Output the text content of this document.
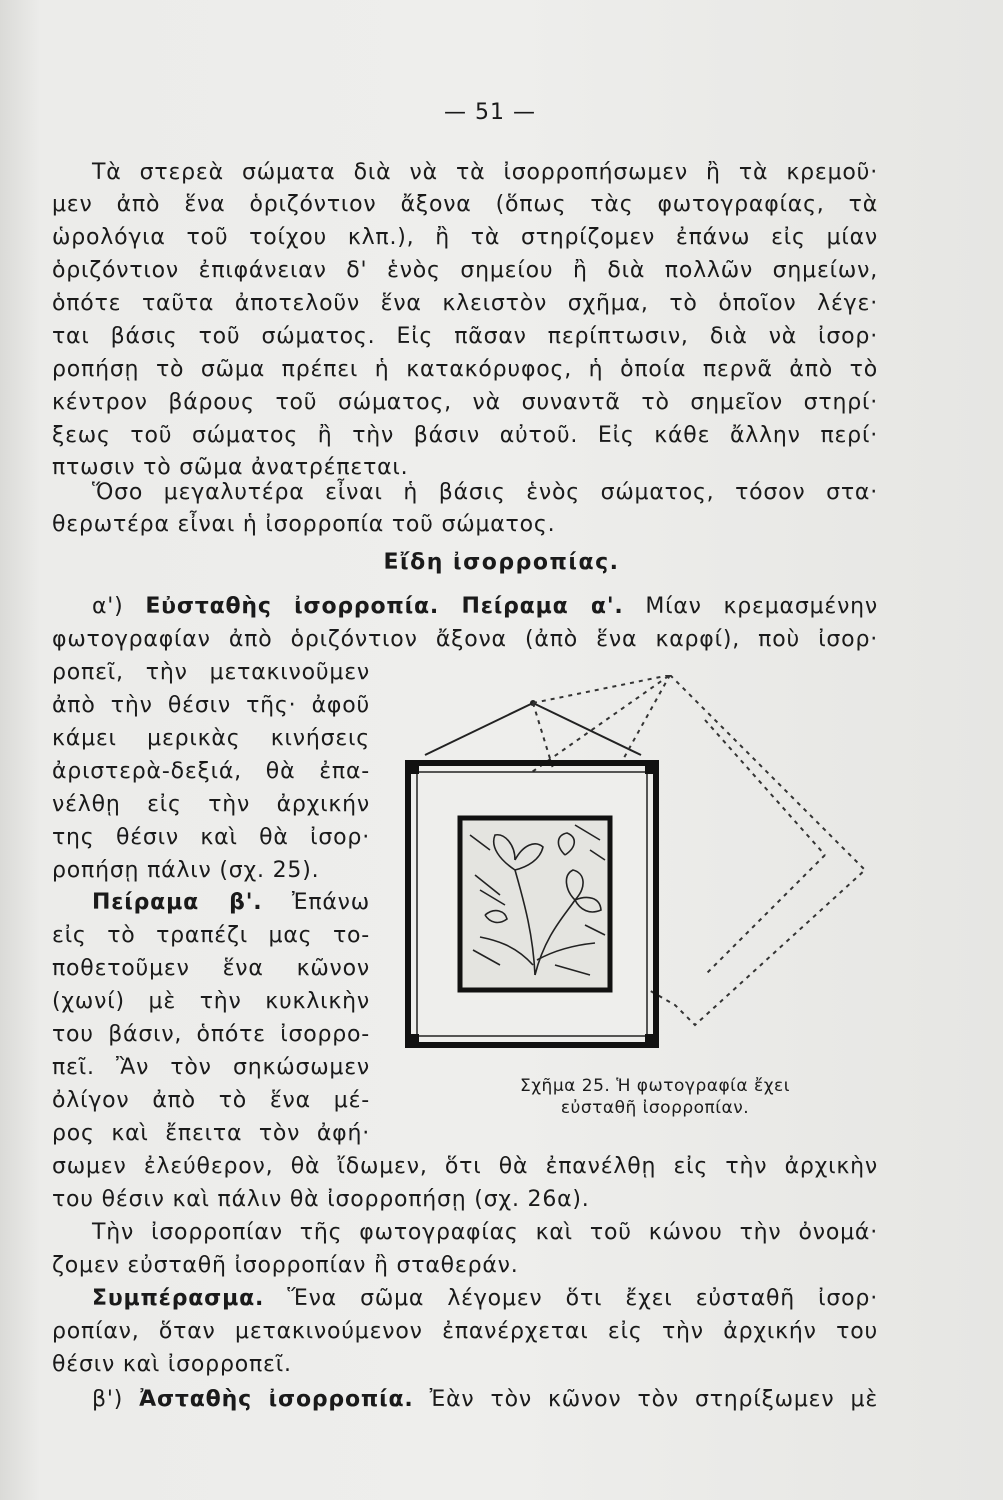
— 51 —
Τὰ στερεὰ σώματα διὰ νὰ τὰ ἰσορροπήσωμεν ἢ τὰ κρεμοῦ·
μεν ἀπὸ ἕνα ὁριζόντιον ἄξονα (ὅπως τὰς φωτογραφίας, τὰ
ὡρολόγια τοῦ τοίχου κλπ.), ἢ τὰ στηρίζομεν ἐπάνω εἰς μίαν
ὁριζόντιον ἐπιφάνειαν δ' ἑνὸς σημείου ἢ διὰ πολλῶν σημείων,
ὁπότε ταῦτα ἀποτελοῦν ἕνα κλειστὸν σχῆμα, τὸ ὁποῖον λέγε·
ται βάσις τοῦ σώματος. Εἰς πᾶσαν περίπτωσιν, διὰ νὰ ἰσορ·
ροπήσῃ τὸ σῶμα πρέπει ἡ κατακόρυφος, ἡ ὁποία περνᾶ ἀπὸ τὸ
κέντρον βάρους τοῦ σώματος, νὰ συναντᾶ τὸ σημεῖον στηρί·
ξεως τοῦ σώματος ἢ τὴν βάσιν αὐτοῦ. Εἰς κάθε ἄλλην περί·
πτωσιν τὸ σῶμα ἀνατρέπεται.
Ὅσο μεγαλυτέρα εἶναι ἡ βάσις ἑνὸς σώματος, τόσον στα·
θερωτέρα εἶναι ἡ ἰσορροπία τοῦ σώματος.
Εἴδη ἰσορροπίας.
α') Εὐσταθὴς ἰσορροπία. Πείραμα α'. Μίαν κρεμασμένην
φωτογραφίαν ἀπὸ ὁριζόντιον ἄξονα (ἀπὸ ἕνα καρφί), ποὺ ἰσορ·
ροπεῖ, τὴν μετακινοῦμεν
ἀπὸ τὴν θέσιν τῆς· ἀφοῦ
κάμει μερικὰς κινήσεις
ἀριστερὰ-δεξιά, θὰ ἐπα-
νέλθῃ εἰς τὴν ἀρχικήν
της θέσιν καὶ θὰ ἰσορ·
ροπήσῃ πάλιν (σχ. 25).
Πείραμα β'. Ἐπάνω
εἰς τὸ τραπέζι μας το-
ποθετοῦμεν ἕνα κῶνον
(χωνί) μὲ τὴν κυκλικὴν
του βάσιν, ὁπότε ἰσορρο-
πεῖ. Ἂν τὸν σηκώσωμεν
ὀλίγον ἀπὸ τὸ ἕνα μέ-
ρος καὶ ἔπειτα τὸν ἀφή·
σωμεν ἐλεύθερον, θὰ ἴδωμεν, ὅτι θὰ ἐπανέλθῃ εἰς τὴν ἀρχικὴν
του θέσιν καὶ πάλιν θὰ ἰσορροπήσῃ (σχ. 26α).
Τὴν ἰσορροπίαν τῆς φωτογραφίας καὶ τοῦ κώνου τὴν ὀνομά·
ζομεν εὐσταθῆ ἰσορροπίαν ἢ σταθεράν.
Συμπέρασμα. Ἕνα σῶμα λέγομεν ὅτι ἔχει εὐσταθῆ ἰσορ·
ροπίαν, ὅταν μετακινούμενον ἐπανέρχεται εἰς τὴν ἀρχικήν του
θέσιν καὶ ἰσορροπεῖ.
β') Ἀσταθὴς ἰσορροπία. Ἐὰν τὸν κῶνον τὸν στηρίξωμεν μὲ
Σχῆμα 25. Ἡ φωτογραφία ἔχει
εὐσταθῆ ἰσορροπίαν.
